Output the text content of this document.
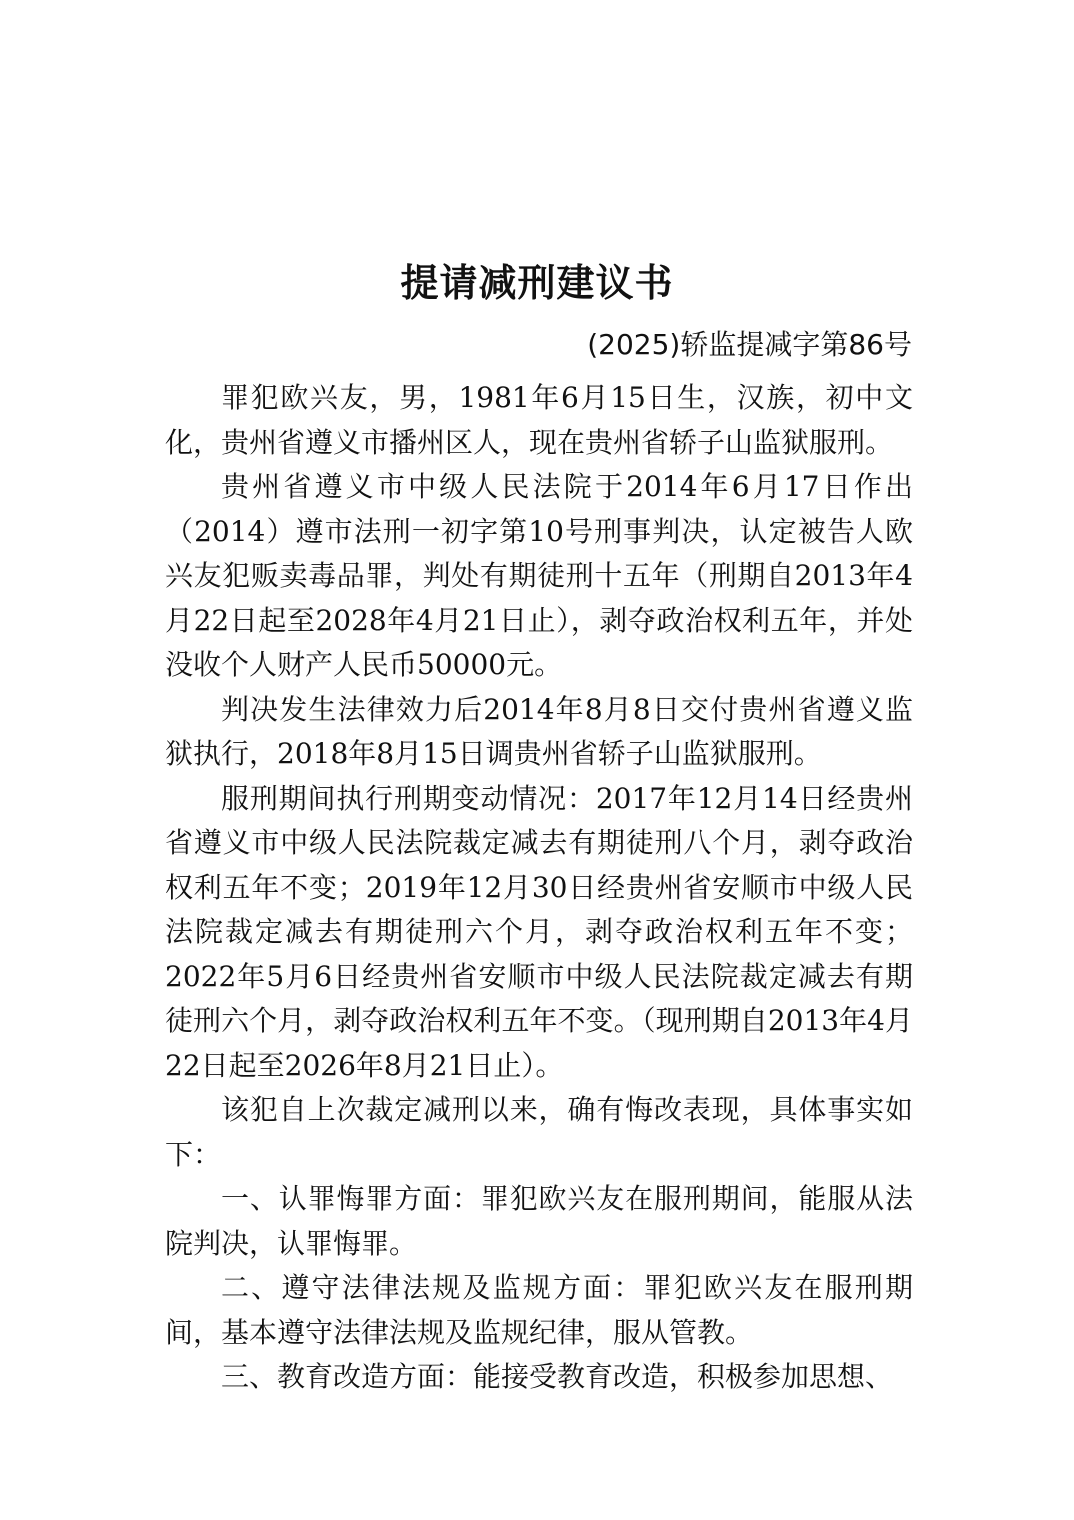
提请减刑建议书
(2025)轿监提减字第86号

罪犯欧兴友，男，1981年6月15日生，汉族，初中文化，贵州省遵义市播州区人，现在贵州省轿子山监狱服刑。

贵州省遵义市中级人民法院于2014年6月17日作出（2014）遵市法刑一初字第10号刑事判决，认定被告人欧兴友犯贩卖毒品罪，判处有期徒刑十五年（刑期自2013年4月22日起至2028年4月21日止），剥夺政治权利五年，并处没收个人财产人民币50000元。

判决发生法律效力后2014年8月8日交付贵州省遵义监狱执行，2018年8月15日调贵州省轿子山监狱服刑。

服刑期间执行刑期变动情况：2017年12月14日经贵州省遵义市中级人民法院裁定减去有期徒刑八个月，剥夺政治权利五年不变；2019年12月30日经贵州省安顺市中级人民法院裁定减去有期徒刑六个月，剥夺政治权利五年不变；2022年5月6日经贵州省安顺市中级人民法院裁定减去有期徒刑六个月，剥夺政治权利五年不变。（现刑期自2013年4月22日起至2026年8月21日止）。

该犯自上次裁定减刑以来，确有悔改表现，具体事实如下：

一、认罪悔罪方面：罪犯欧兴友在服刑期间，能服从法院判决，认罪悔罪。

二、遵守法律法规及监规方面：罪犯欧兴友在服刑期间，基本遵守法律法规及监规纪律，服从管教。

三、教育改造方面：能接受教育改造，积极参加思想、
